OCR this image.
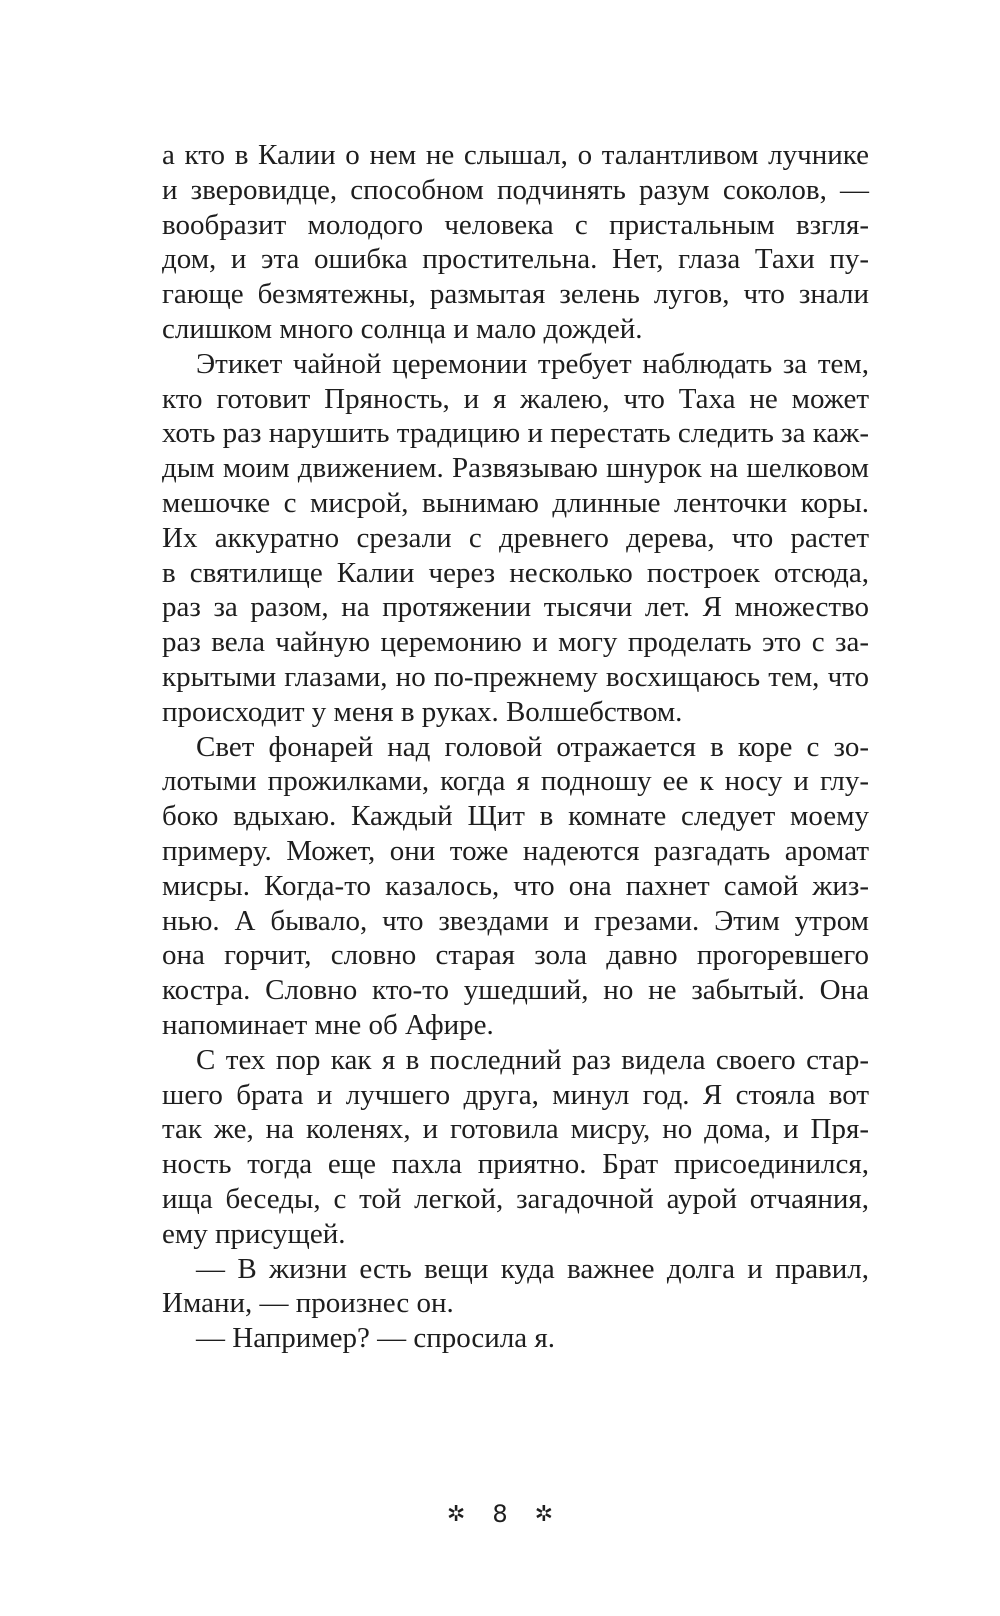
а кто в Калии о нем не слышал, о талантливом лучнике
и зверовидце, способном подчинять разум соколов, —
вообразит молодого человека с пристальным взгля-
дом, и эта ошибка простительна. Нет, глаза Тахи пу-
гающе безмятежны, размытая зелень лугов, что знали
слишком много солнца и мало дождей.
Этикет чайной церемонии требует наблюдать за тем,
кто готовит Пряность, и я жалею, что Таха не может
хоть раз нарушить традицию и перестать следить за каж-
дым моим движением. Развязываю шнурок на шелковом
мешочке с мисрой, вынимаю длинные ленточки коры.
Их аккуратно срезали с древнего дерева, что растет
в святилище Калии через несколько построек отсюда,
раз за разом, на протяжении тысячи лет. Я множество
раз вела чайную церемонию и могу проделать это с за-
крытыми глазами, но по-прежнему восхищаюсь тем, что
происходит у меня в руках. Волшебством.
Свет фонарей над головой отражается в коре с зо-
лотыми прожилками, когда я подношу ее к носу и глу-
боко вдыхаю. Каждый Щит в комнате следует моему
примеру. Может, они тоже надеются разгадать аромат
мисры. Когда-то казалось, что она пахнет самой жиз-
нью. А бывало, что звездами и грезами. Этим утром
она горчит, словно старая зола давно прогоревшего
костра. Словно кто-то ушедший, но не забытый. Она
напоминает мне об Афире.
С тех пор как я в последний раз видела своего стар-
шего брата и лучшего друга, минул год. Я стояла вот
так же, на коленях, и готовила мисру, но дома, и Пря-
ность тогда еще пахла приятно. Брат присоединился,
ища беседы, с той легкой, загадочной аурой отчаяния,
ему присущей.
— В жизни есть вещи куда важнее долга и правил,
Имани, — произнес он.
— Например? — спросила я.
✲ 8 ✲
